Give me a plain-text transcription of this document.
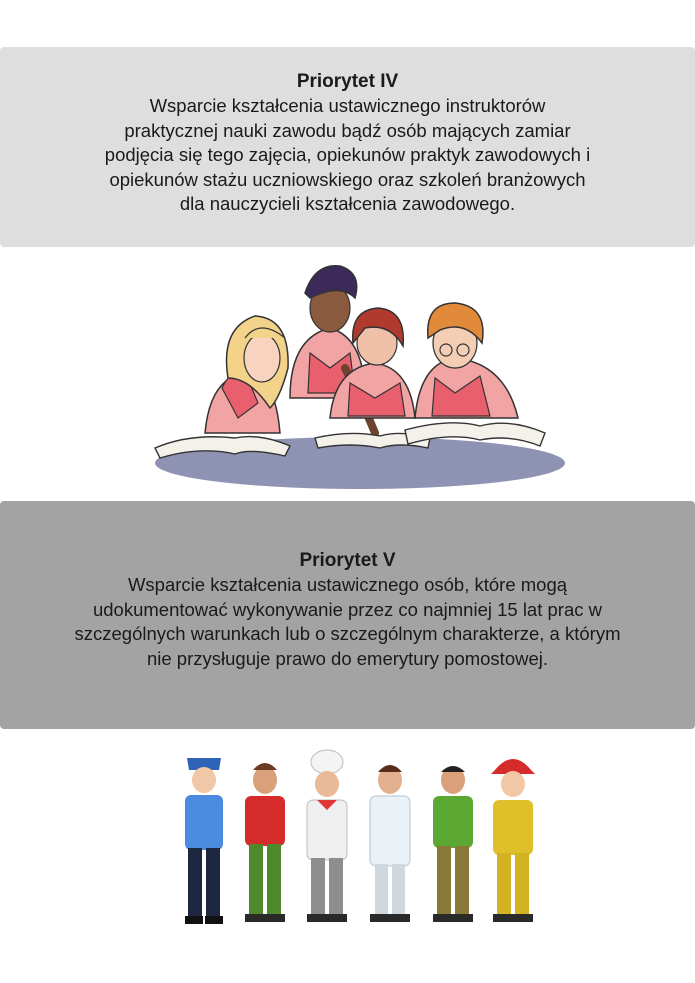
Priorytet IV
Wsparcie kształcenia ustawicznego instruktorów
praktycznej nauki zawodu bądź osób mających zamiar
podjęcia się tego zajęcia, opiekunów praktyk zawodowych i
opiekunów stażu uczniowskiego oraz szkoleń branżowych
dla nauczycieli kształcenia zawodowego.
Priorytet V
Wsparcie kształcenia ustawicznego osób, które mogą
udokumentować wykonywanie przez co najmniej 15 lat prac w
szczególnych warunkach lub o szczególnym charakterze, a którym
nie przysługuje prawo do emerytury pomostowej.
